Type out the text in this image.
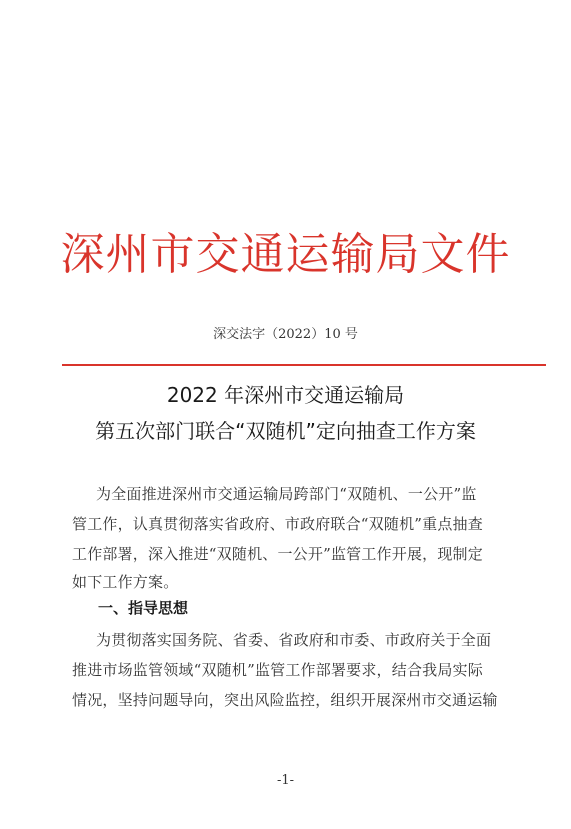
深州市交通运输局文件
深交法字（2022）10 号
2022 年深州市交通运输局
第五次部门联合“双随机”定向抽查工作方案
为全面推进深州市交通运输局跨部门“双随机、一公开”监
管工作，认真贯彻落实省政府、市政府联合“双随机”重点抽查
工作部署，深入推进“双随机、一公开”监管工作开展，现制定
如下工作方案。
一、指导思想
为贯彻落实国务院、省委、省政府和市委、市政府关于全面
推进市场监管领域“双随机”监管工作部署要求，结合我局实际
情况，坚持问题导向，突出风险监控，组织开展深州市交通运输
-1-
